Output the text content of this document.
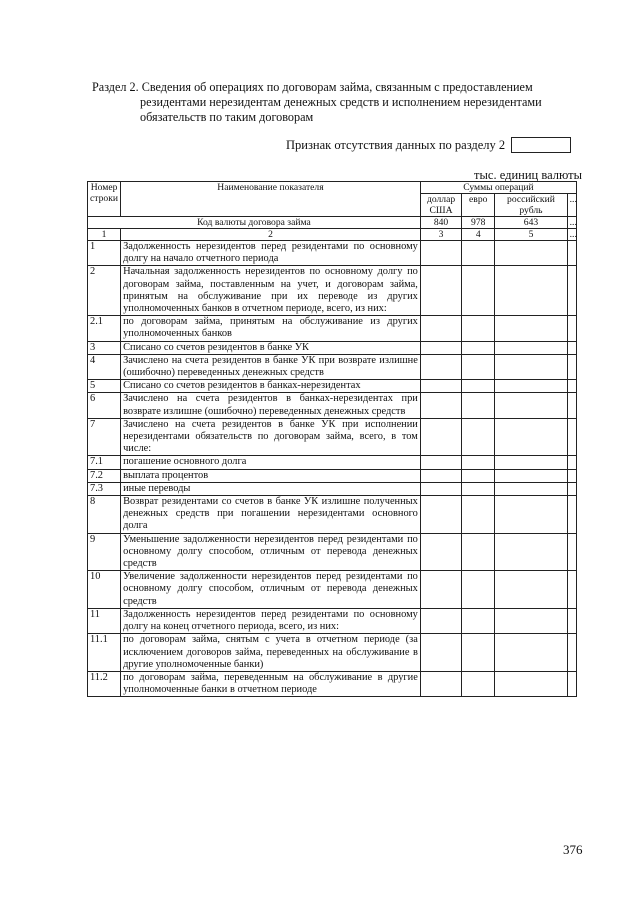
Раздел 2. Сведения об операциях по договорам займа, связанным с предоставлением
резидентами нерезидентам денежных средств и исполнением нерезидентами обязательств по таким договорам
Признак отсутствия данных по разделу 2
тыс. единиц валюты
Номер строки	Наименование показателя	Суммы операций			
		доллар США	евро	российский рубль	...
Код валюты договора займа		840	978	643	...
1	2	3	4	5	...
1	Задолженность нерезидентов перед резидентами по основному долгу на начало отчетного периода				
2	Начальная задолженность нерезидентов по основному долгу по договорам займа, поставленным на учет, и договорам займа, принятым на обслуживание при их переводе из других уполномоченных банков в отчетном периоде, всего, из них:				
2.1	по договорам займа, принятым на обслуживание из других уполномоченных банков				
3	Списано со счетов резидентов в банке УК				
4	Зачислено на счета резидентов в банке УК при возврате излишне (ошибочно) переведенных денежных средств				
5	Списано со счетов резидентов в банках-нерезидентах				
6	Зачислено на счета резидентов в банках-нерезидентах при возврате излишне (ошибочно) переведенных денежных средств				
7	Зачислено на счета резидентов в банке УК при исполнении нерезидентами обязательств по договорам займа, всего, в том числе:				
7.1	погашение основного долга				
7.2	выплата процентов				
7.3	иные переводы				
8	Возврат резидентами со счетов в банке УК излишне полученных денежных средств при погашении нерезидентами основного долга				
9	Уменьшение задолженности нерезидентов перед резидентами по основному долгу способом, отличным от перевода денежных средств				
10	Увеличение задолженности нерезидентов перед резидентами по основному долгу способом, отличным от перевода денежных средств				
11	Задолженность нерезидентов перед резидентами по основному долгу на конец отчетного периода, всего, из них:				
11.1	по договорам займа, снятым с учета в отчетном периоде (за исключением договоров займа, переведенных на обслуживание в другие уполномоченные банки)				
11.2	по договорам займа, переведенным на обслуживание в другие уполномоченные банки в отчетном периоде				
376
